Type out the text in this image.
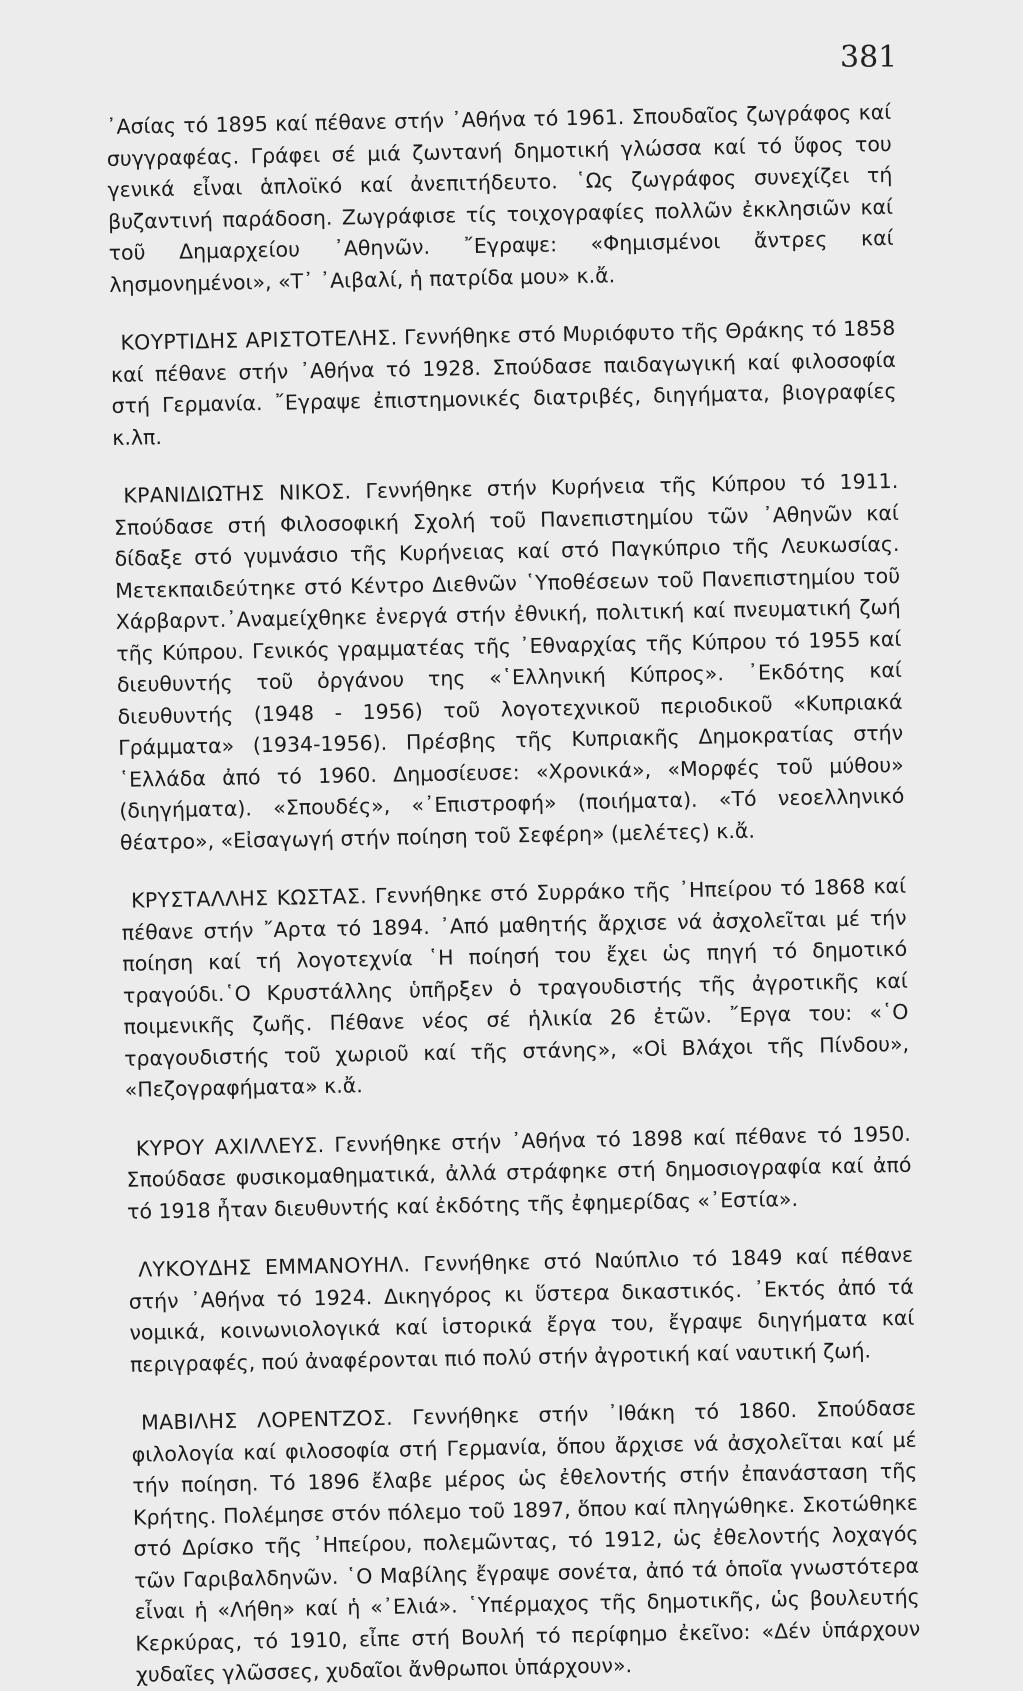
381

᾿Ασίας τό 1895 καί πέθανε στήν ᾿Αθήνα τό 1961. Σπουδαῖος ζωγράφος καί συγγραφέας. Γράφει σέ μιά ζωντανή δημοτική γλώσσα καί τό ὕφος του γενικά εἶναι ἁπλοϊκό καί ἀνεπιτήδευτο. ῾Ως ζωγράφος συνεχίζει τή βυζαντινή παράδοση. Ζωγράφισε τίς τοιχογραφίες πολλῶν ἐκκλησιῶν καί τοῦ Δημαρχείου ᾿Αθηνῶν. ῎Εγραψε: «Φημισμένοι ἄντρες καί λησμονημένοι», «Τ᾿ ᾿Αιβαλί, ἡ πατρίδα μου» κ.ἄ.

ΚΟΥΡΤΙΔΗΣ ΑΡΙΣΤΟΤΕΛΗΣ. Γεννήθηκε στό Μυριόφυτο τῆς Θράκης τό 1858 καί πέθανε στήν ᾿Αθήνα τό 1928. Σπούδασε παιδαγωγική καί φιλοσοφία στή Γερμανία. ῎Εγραψε ἐπιστημονικές διατριβές, διηγήματα, βιογραφίες κ.λπ.

ΚΡΑΝΙΔΙΩΤΗΣ ΝΙΚΟΣ. Γεννήθηκε στήν Κυρήνεια τῆς Κύπρου τό 1911. Σπούδασε στή Φιλοσοφική Σχολή τοῦ Πανεπιστημίου τῶν ᾿Αθηνῶν καί δίδαξε στό γυμνάσιο τῆς Κυρήνειας καί στό Παγκύπριο τῆς Λευκωσίας. Μετεκπαιδεύτηκε στό Κέντρο Διεθνῶν ῾Υποθέσεων τοῦ Πανεπιστημίου τοῦ Χάρβαρντ.᾿Αναμείχθηκε ἐνεργά στήν ἐθνική, πολιτική καί πνευματική ζωή τῆς Κύπρου. Γενικός γραμματέας τῆς ᾿Εθναρχίας τῆς Κύπρου τό 1955 καί διευθυντής τοῦ ὀργάνου της «῾Ελληνική Κύπρος». ᾿Εκδότης καί διευθυντής (1948 - 1956) τοῦ λογοτεχνικοῦ περιοδικοῦ «Κυπριακά Γράμματα» (1934-1956). Πρέσβης τῆς Κυπριακῆς Δημοκρατίας στήν ῾Ελλάδα ἀπό τό 1960. Δημοσίευσε: «Χρονικά», «Μορφές τοῦ μύθου» (διηγήματα). «Σπουδές», «᾿Επιστροφή» (ποιήματα). «Τό νεοελληνικό θέατρο», «Εἰσαγωγή στήν ποίηση τοῦ Σεφέρη» (μελέτες) κ.ἄ.

ΚΡΥΣΤΑΛΛΗΣ ΚΩΣΤΑΣ. Γεννήθηκε στό Συρράκο τῆς ᾿Ηπείρου τό 1868 καί πέθανε στήν ῎Αρτα τό 1894. ᾿Από μαθητής ἄρχισε νά ἀσχολεῖται μέ τήν ποίηση καί τή λογοτεχνία ῾Η ποίησή του ἔχει ὡς πηγή τό δημοτικό τραγούδι.῾Ο Κρυστάλλης ὑπῆρξεν ὁ τραγουδιστής τῆς ἀγροτικῆς καί ποιμενικῆς ζωῆς. Πέθανε νέος σέ ἡλικία 26 ἐτῶν. ῎Εργα του: «῾Ο τραγουδιστής τοῦ χωριοῦ καί τῆς στάνης», «Οἱ Βλάχοι τῆς Πίνδου», «Πεζογραφήματα» κ.ἄ.

ΚΥΡΟΥ ΑΧΙΛΛΕΥΣ. Γεννήθηκε στήν ᾿Αθήνα τό 1898 καί πέθανε τό 1950. Σπούδασε φυσικομαθηματικά, ἀλλά στράφηκε στή δημοσιογραφία καί ἀπό τό 1918 ἦταν διευθυντής καί ἐκδότης τῆς ἐφημερίδας «᾿Εστία».

ΛΥΚΟΥΔΗΣ ΕΜΜΑΝΟΥΗΛ. Γεννήθηκε στό Ναύπλιο τό 1849 καί πέθανε στήν ᾿Αθήνα τό 1924. Δικηγόρος κι ὕστερα δικαστικός. ᾿Εκτός ἀπό τά νομικά, κοινωνιολογικά καί ἱστορικά ἔργα του, ἔγραψε διηγήματα καί περιγραφές, πού ἀναφέρονται πιό πολύ στήν ἀγροτική καί ναυτική ζωή.

ΜΑΒΙΛΗΣ ΛΟΡΕΝΤΖΟΣ. Γεννήθηκε στήν ᾿Ιθάκη τό 1860. Σπούδασε φιλολογία καί φιλοσοφία στή Γερμανία, ὅπου ἄρχισε νά ἀσχολεῖται καί μέ τήν ποίηση. Τό 1896 ἔλαβε μέρος ὡς ἐθελοντής στήν ἐπανάσταση τῆς Κρήτης. Πολέμησε στόν πόλεμο τοῦ 1897, ὅπου καί πληγώθηκε. Σκοτώθηκε στό Δρίσκο τῆς ᾿Ηπείρου, πολεμῶντας, τό 1912, ὡς ἐθελοντής λοχαγός τῶν Γαριβαλδηνῶν. ῾Ο Μαβίλης ἔγραψε σονέτα, ἀπό τά ὁποῖα γνωστότερα εἶναι ἡ «Λήθη» καί ἡ «᾿Ελιά». ῾Υπέρμαχος τῆς δημοτικῆς, ὡς βουλευτής Κερκύρας, τό 1910, εἶπε στή Βουλή τό περίφημο ἐκεῖνο: «Δέν ὑπάρχουν χυδαῖες γλῶσσες, χυδαῖοι ἄνθρωποι ὑπάρχουν».
